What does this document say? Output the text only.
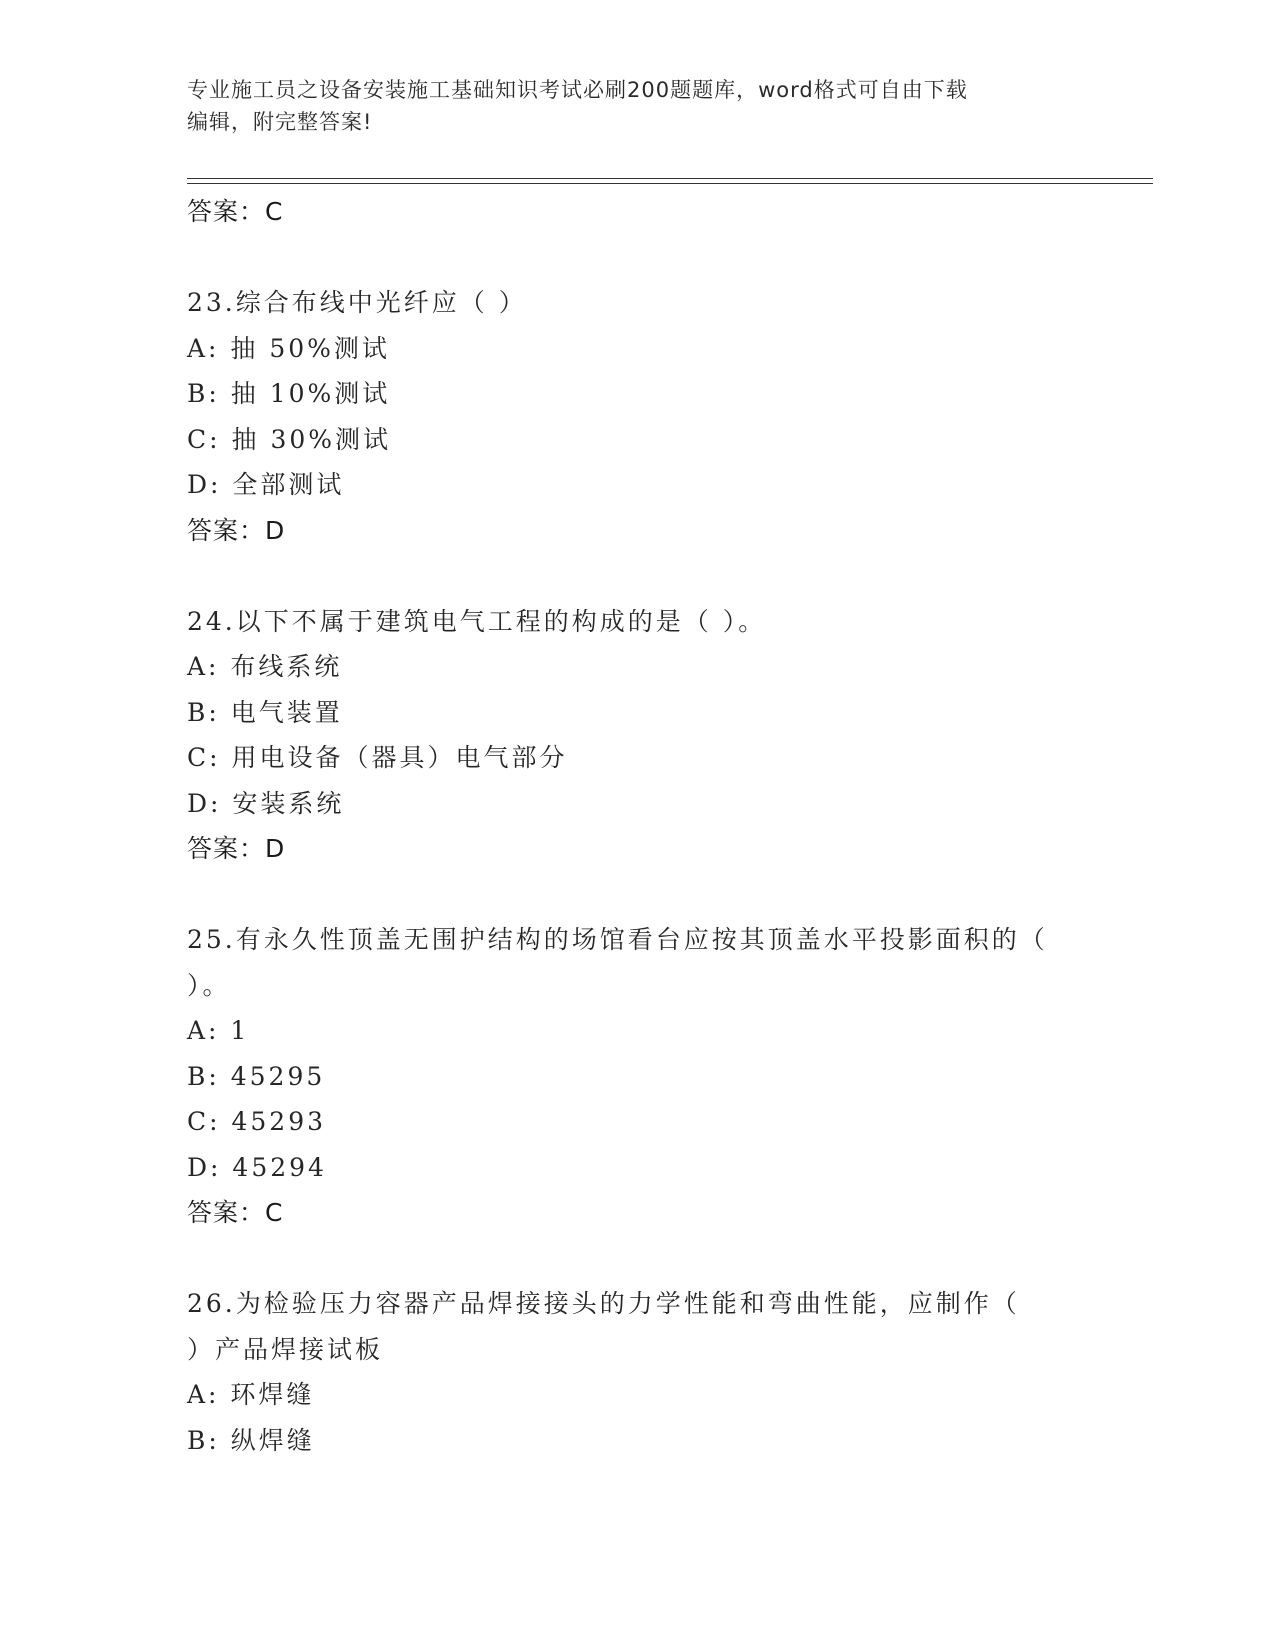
专业施工员之设备安装施工基础知识考试必刷200题题库，word格式可自由下载
编辑，附完整答案!
答案：C
23.综合布线中光纤应（ ）
A: 抽 50%测试
B: 抽 10%测试
C: 抽 30%测试
D: 全部测试
答案：D
24.以下不属于建筑电气工程的构成的是（ ）。
A: 布线系统
B: 电气装置
C: 用电设备（器具）电气部分
D: 安装系统
答案：D
25.有永久性顶盖无围护结构的场馆看台应按其顶盖水平投影面积的（
）。
A: 1
B: 45295
C: 45293
D: 45294
答案：C
26.为检验压力容器产品焊接接头的力学性能和弯曲性能，应制作（
）产品焊接试板
A: 环焊缝
B: 纵焊缝
